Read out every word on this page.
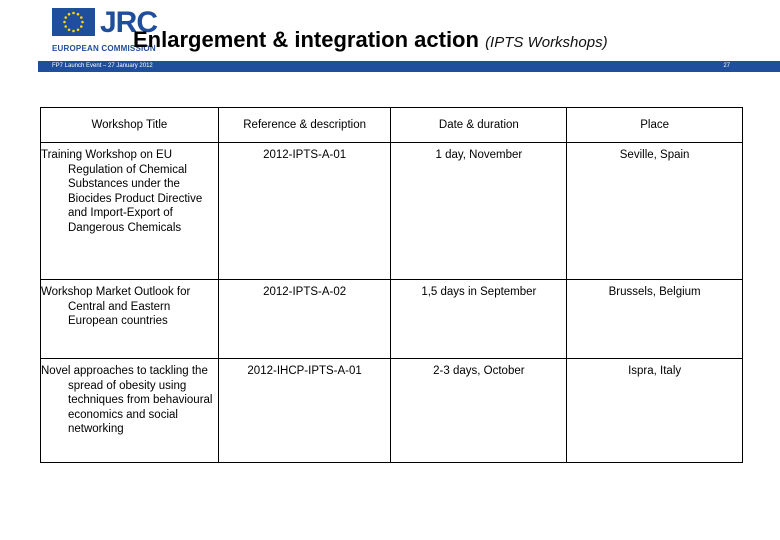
JRC
EUROPEAN COMMISSION
Enlargement & integration action (IPTS Workshops)
FP7 Launch Event – 27 January 2012	27
Workshop Title	Reference & description	Date & duration	Place

Training Workshop on EU Regulation of Chemical Substances under the Biocides Product Directive and Import-Export of Dangerous Chemicals	2012-IPTS-A-01	1 day, November	Seville, Spain

Workshop Market Outlook for Central and Eastern European countries	2012-IPTS-A-02	1,5 days in September	Brussels, Belgium

Novel approaches to tackling the spread of obesity using techniques from behavioural economics and social networking	2012-IHCP-IPTS-A-01	2-3 days, October	Ispra, Italy
